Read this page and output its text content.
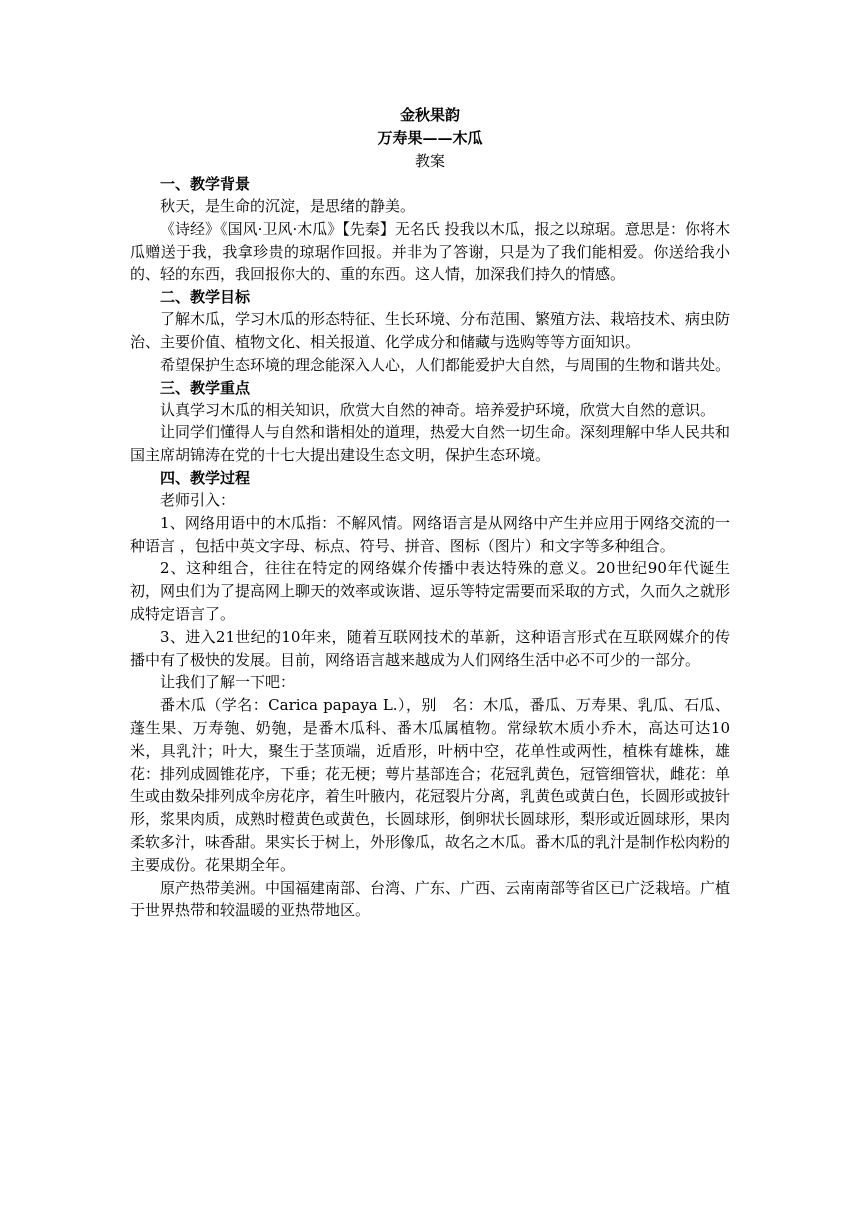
金秋果韵
万寿果——木瓜
教案
一、教学背景

秋天，是生命的沉淀，是思绪的静美。

《诗经》《国风·卫风·木瓜》【先秦】无名氏 投我以木瓜，报之以琼琚。意思是：你将木瓜赠送于我，我拿珍贵的琼琚作回报。并非为了答谢，只是为了我们能相爱。你送给我小的、轻的东西，我回报你大的、重的东西。这人情，加深我们持久的情感。

二、教学目标

了解木瓜，学习木瓜的形态特征、生长环境、分布范围、繁殖方法、栽培技术、病虫防治、主要价值、植物文化、相关报道、化学成分和储藏与选购等等方面知识。

希望保护生态环境的理念能深入人心，人们都能爱护大自然，与周围的生物和谐共处。

三、教学重点

认真学习木瓜的相关知识，欣赏大自然的神奇。培养爱护环境，欣赏大自然的意识。

让同学们懂得人与自然和谐相处的道理，热爱大自然一切生命。深刻理解中华人民共和国主席胡锦涛在党的十七大提出建设生态文明，保护生态环境。

四、教学过程

老师引入：

1、网络用语中的木瓜指：不解风情。网络语言是从网络中产生并应用于网络交流的一种语言 ，包括中英文字母、标点、符号、拼音、图标（图片）和文字等多种组合。

2、这种组合，往往在特定的网络媒介传播中表达特殊的意义。20世纪90年代诞生初，网虫们为了提高网上聊天的效率或诙谐、逗乐等特定需要而采取的方式，久而久之就形成特定语言了。

3、进入21世纪的10年来，随着互联网技术的革新，这种语言形式在互联网媒介的传播中有了极快的发展。目前，网络语言越来越成为人们网络生活中必不可少的一部分。

让我们了解一下吧：

番木瓜（学名：Carica papaya L.），别　名：木瓜，番瓜、万寿果、乳瓜、石瓜、蓬生果、万寿匏、奶匏，是番木瓜科、番木瓜属植物。常绿软木质小乔木，高达可达10米，具乳汁；叶大，聚生于茎顶端，近盾形，叶柄中空，花单性或两性，植株有雄株，雄花：排列成圆锥花序，下垂；花无梗；萼片基部连合；花冠乳黄色，冠管细管状，雌花：单生或由数朵排列成伞房花序，着生叶腋内，花冠裂片分离，乳黄色或黄白色，长圆形或披针形，浆果肉质，成熟时橙黄色或黄色，长圆球形，倒卵状长圆球形，梨形或近圆球形，果肉柔软多汁，味香甜。果实长于树上，外形像瓜，故名之木瓜。番木瓜的乳汁是制作松肉粉的主要成份。花果期全年。

原产热带美洲。中国福建南部、台湾、广东、广西、云南南部等省区已广泛栽培。广植于世界热带和较温暖的亚热带地区。
